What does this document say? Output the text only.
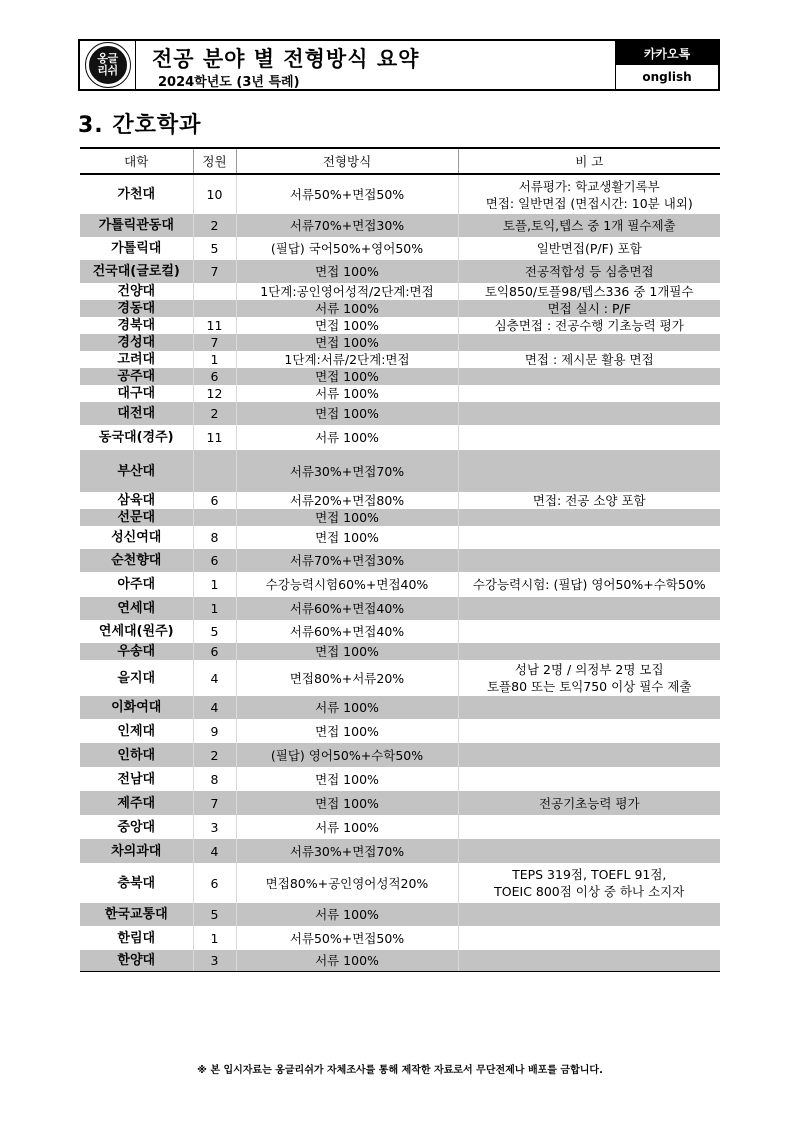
옹글
리쉬 전공 분야 별 전형방식 요약
2024학년도 (3년 특례)
카카오톡
onglish
3. 간호학과
대학	정원	전형방식	비 고
가천대	10	서류50%+면접50%	서류평가: 학교생활기록부
면접: 일반면접 (면접시간: 10분 내외)

가톨릭관동대	2	서류70%+면접30%	토플,토익,텝스 중 1개 필수제출

가톨릭대	5	(필답) 국어50%+영어50%	일반면접(P/F) 포함

건국대(글로컬)	7	면접 100%	전공적합성 등 심층면접

건양대		1단계:공인영어성적/2단계:면접	토익850/토플98/텝스336 중 1개필수

경동대		서류 100%	면접 실시 : P/F

경북대	11	면접 100%	심층면접 : 전공수행 기초능력 평가

경성대	7	면접 100%	
고려대	1	1단계:서류/2단계:면접	면접 : 제시문 활용 면접

공주대	6	면접 100%	
대구대	12	서류 100%	
대전대	2	면접 100%	
동국대(경주)	11	서류 100%	
부산대		서류30%+면접70%	
삼육대	6	서류20%+면접80%	면접: 전공 소양 포함

선문대		면접 100%	
성신여대	8	면접 100%	
순천향대	6	서류70%+면접30%	
아주대	1	수강능력시험60%+면접40%	수강능력시험: (필답) 영어50%+수학50%

연세대	1	서류60%+면접40%	
연세대(원주)	5	서류60%+면접40%	
우송대	6	면접 100%	
을지대	4	면접80%+서류20%	성남 2명 / 의정부 2명 모집
토플80 또는 토익750 이상 필수 제출

이화여대	4	서류 100%	
인제대	9	면접 100%	
인하대	2	(필답) 영어50%+수학50%	
전남대	8	면접 100%	
제주대	7	면접 100%	전공기초능력 평가

중앙대	3	서류 100%	
차의과대	4	서류30%+면접70%	
충북대	6	면접80%+공인영어성적20%	TEPS 319점, TOEFL 91점,
TOEIC 800점 이상 중 하나 소지자

한국교통대	5	서류 100%	
한림대	1	서류50%+면접50%	
한양대	3	서류 100%	
※ 본 입시자료는 옹글리쉬가 자체조사를 통해 제작한 자료로서 무단전제나 배포를 금합니다.
